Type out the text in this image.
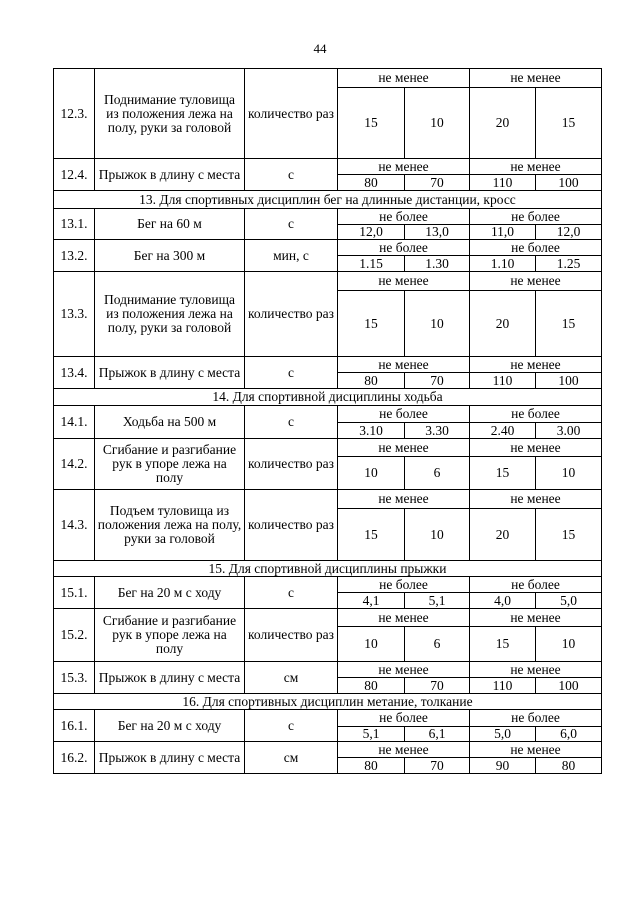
44
12.3.	Поднимание туловища из положения лежа на полу, руки за головой	количество раз	не менее		не менее	
			15	10	20	15
12.4.	Прыжок в длину с места	с	не менее		не менее	
			80	70	110	100
13. Для спортивных дисциплин бег на длинные дистанции, кросс						
13.1.	Бег на 60 м	с	не более		не более	
			12,0	13,0	11,0	12,0
13.2.	Бег на 300 м	мин, с	не более		не более	
			1.15	1.30	1.10	1.25
13.3.	Поднимание туловища из положения лежа на полу, руки за головой	количество раз	не менее		не менее	
			15	10	20	15
13.4.	Прыжок в длину с места	с	не менее		не менее	
			80	70	110	100
14. Для спортивной дисциплины ходьба						
14.1.	Ходьба на 500 м	с	не более		не более	
			3.10	3.30	2.40	3.00
14.2.	Сгибание и разгибание рук в упоре лежа на полу	количество раз	не менее		не менее	
			10	6	15	10
14.3.	Подъем туловища из положения лежа на полу, руки за головой	количество раз	не менее		не менее	
			15	10	20	15
15. Для спортивной дисциплины прыжки						
15.1.	Бег на 20 м с ходу	с	не более		не более	
			4,1	5,1	4,0	5,0
15.2.	Сгибание и разгибание рук в упоре лежа на полу	количество раз	не менее		не менее	
			10	6	15	10
15.3.	Прыжок в длину с места	см	не менее		не менее	
			80	70	110	100
16. Для спортивных дисциплин метание, толкание						
16.1.	Бег на 20 м с ходу	с	не более		не более	
			5,1	6,1	5,0	6,0
16.2.	Прыжок в длину с места	см	не менее		не менее	
			80	70	90	80
